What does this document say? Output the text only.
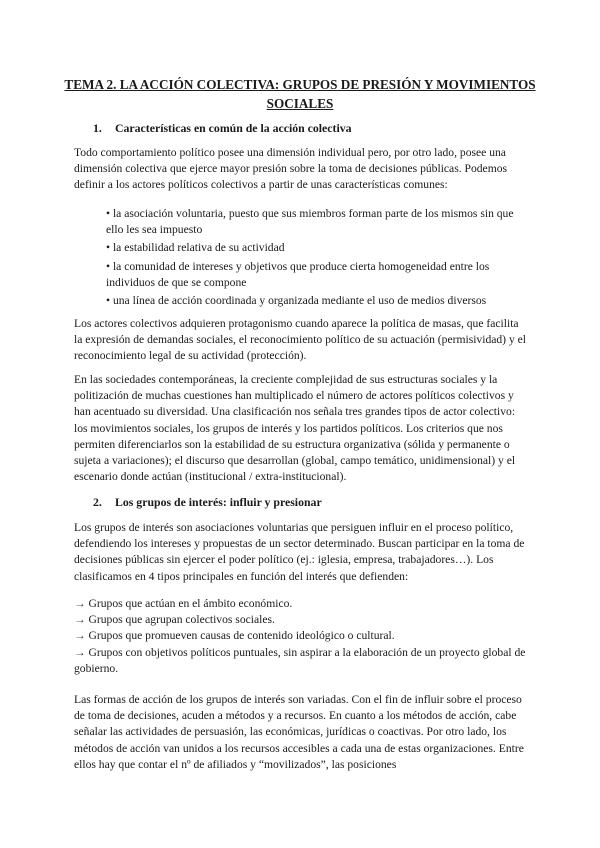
TEMA 2. LA ACCIÓN COLECTIVA: GRUPOS DE PRESIÓN Y MOVIMIENTOS SOCIALES
1. Características en común de la acción colectiva

Todo comportamiento político posee una dimensión individual pero, por otro lado, posee una dimensión colectiva que ejerce mayor presión sobre la toma de decisiones públicas. Podemos definir a los actores políticos colectivos a partir de unas características comunes:

• la asociación voluntaria, puesto que sus miembros forman parte de los mismos sin que ello les sea impuesto
• la estabilidad relativa de su actividad
• la comunidad de intereses y objetivos que produce cierta homogeneidad entre los individuos de que se compone
• una línea de acción coordinada y organizada mediante el uso de medios diversos

Los actores colectivos adquieren protagonismo cuando aparece la política de masas, que facilita la expresión de demandas sociales, el reconocimiento político de su actuación (permisividad) y el reconocimiento legal de su actividad (protección).

En las sociedades contemporáneas, la creciente complejidad de sus estructuras sociales y la politización de muchas cuestiones han multiplicado el número de actores políticos colectivos y han acentuado su diversidad. Una clasificación nos señala tres grandes tipos de actor colectivo: los movimientos sociales, los grupos de interés y los partidos políticos. Los criterios que nos permiten diferenciarlos son la estabilidad de su estructura organizativa (sólida y permanente o sujeta a variaciones); el discurso que desarrollan (global, campo temático, unidimensional) y el escenario donde actúan (institucional / extra-institucional).

2. Los grupos de interés: influir y presionar

Los grupos de interés son asociaciones voluntarias que persiguen influir en el proceso político, defendiendo los intereses y propuestas de un sector determinado. Buscan participar en la toma de decisiones públicas sin ejercer el poder político (ej.: iglesia, empresa, trabajadores…). Los clasificamos en 4 tipos principales en función del interés que defienden:

→ Grupos que actúan en el ámbito económico.
→ Grupos que agrupan colectivos sociales.
→ Grupos que promueven causas de contenido ideológico o cultural.
→ Grupos con objetivos políticos puntuales, sin aspirar a la elaboración de un proyecto global de gobierno.

Las formas de acción de los grupos de interés son variadas. Con el fin de influir sobre el proceso de toma de decisiones, acuden a métodos y a recursos. En cuanto a los métodos de acción, cabe señalar las actividades de persuasión, las económicas, jurídicas o coactivas. Por otro lado, los métodos de acción van unidos a los recursos accesibles a cada una de estas organizaciones. Entre ellos hay que contar el nº de afiliados y “movilizados”, las posiciones
